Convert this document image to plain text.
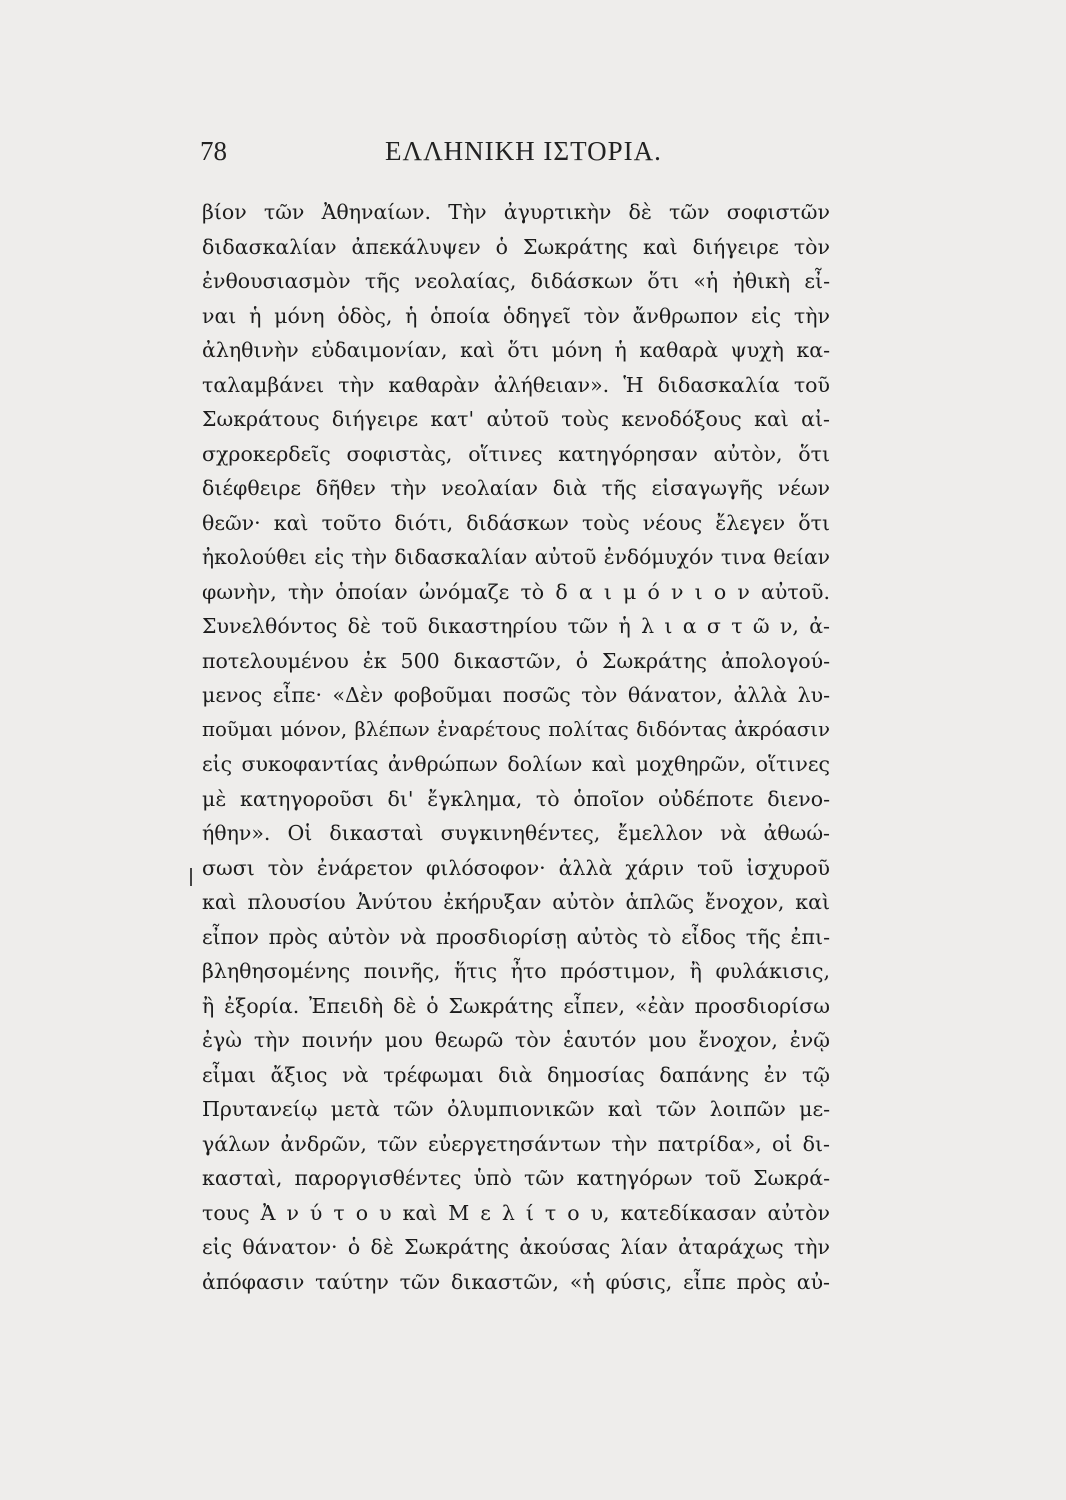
78	ΕΛΛΗΝΙΚΗ ΙΣΤΟΡΙΑ.
βίον τῶν Ἀθηναίων. Τὴν ἀγυρτικὴν δὲ τῶν σοφιστῶν
διδασκαλίαν ἀπεκάλυψεν ὁ Σωκράτης καὶ διήγειρε τὸν
ἐνθουσιασμὸν τῆς νεολαίας, διδάσκων ὅτι «ἡ ἠθικὴ εἶ-
ναι ἡ μόνη ὁδὸς, ἡ ὁποία ὁδηγεῖ τὸν ἄνθρωπον εἰς τὴν
ἀληθινὴν εὐδαιμονίαν, καὶ ὅτι μόνη ἡ καθαρὰ ψυχὴ κα-
ταλαμβάνει τὴν καθαρὰν ἀλήθειαν». Ἡ διδασκαλία τοῦ
Σωκράτους διήγειρε κατ' αὐτοῦ τοὺς κενοδόξους καὶ αἰ-
σχροκερδεῖς σοφιστὰς, οἵτινες κατηγόρησαν αὐτὸν, ὅτι
διέφθειρε δῆθεν τὴν νεολαίαν διὰ τῆς εἰσαγωγῆς νέων
θεῶν· καὶ τοῦτο διότι, διδάσκων τοὺς νέους ἔλεγεν ὅτι
ἠκολούθει εἰς τὴν διδασκαλίαν αὐτοῦ ἐνδόμυχόν τινα θείαν
φωνὴν, τὴν ὁποίαν ὠνόμαζε τὸ δ α ι μ ό ν ι ο ν αὐτοῦ.
Συνελθόντος δὲ τοῦ δικαστηρίου τῶν ἡ λ ι α σ τ ῶ ν, ἀ-
ποτελουμένου ἐκ 500 δικαστῶν, ὁ Σωκράτης ἀπολογού-
μενος εἶπε· «Δὲν φοβοῦμαι ποσῶς τὸν θάνατον, ἀλλὰ λυ-
ποῦμαι μόνον, βλέπων ἐναρέτους πολίτας διδόντας ἀκρόασιν
εἰς συκοφαντίας ἀνθρώπων δολίων καὶ μοχθηρῶν, οἵτινες
μὲ κατηγοροῦσι δι' ἔγκλημα, τὸ ὁποῖον οὐδέποτε διενο-
ήθην». Οἱ δικασταὶ συγκινηθέντες, ἔμελλον νὰ ἀθωώ-
σωσι τὸν ἐνάρετον φιλόσοφον· ἀλλὰ χάριν τοῦ ἰσχυροῦ
καὶ πλουσίου Ἀνύτου ἐκήρυξαν αὐτὸν ἁπλῶς ἔνοχον, καὶ
εἶπον πρὸς αὐτὸν νὰ προσδιορίσῃ αὐτὸς τὸ εἶδος τῆς ἐπι-
βληθησομένης ποινῆς, ἥτις ἦτο πρόστιμον, ἢ φυλάκισις,
ἢ ἐξορία. Ἐπειδὴ δὲ ὁ Σωκράτης εἶπεν, «ἐὰν προσδιορίσω
ἐγὼ τὴν ποινήν μου θεωρῶ τὸν ἑαυτόν μου ἔνοχον, ἐνῷ
εἶμαι ἄξιος νὰ τρέφωμαι διὰ δημοσίας δαπάνης ἐν τῷ
Πρυτανείῳ μετὰ τῶν ὀλυμπιονικῶν καὶ τῶν λοιπῶν με-
γάλων ἀνδρῶν, τῶν εὐεργετησάντων τὴν πατρίδα», οἱ δι-
κασταὶ, παροργισθέντες ὑπὸ τῶν κατηγόρων τοῦ Σωκρά-
τους Ἀ ν ύ τ ο υ καὶ Μ ε λ ί τ ο υ, κατεδίκασαν αὐτὸν
εἰς θάνατον· ὁ δὲ Σωκράτης ἀκούσας λίαν ἀταράχως τὴν
ἀπόφασιν ταύτην τῶν δικαστῶν, «ἡ φύσις, εἶπε πρὸς αὐ-
